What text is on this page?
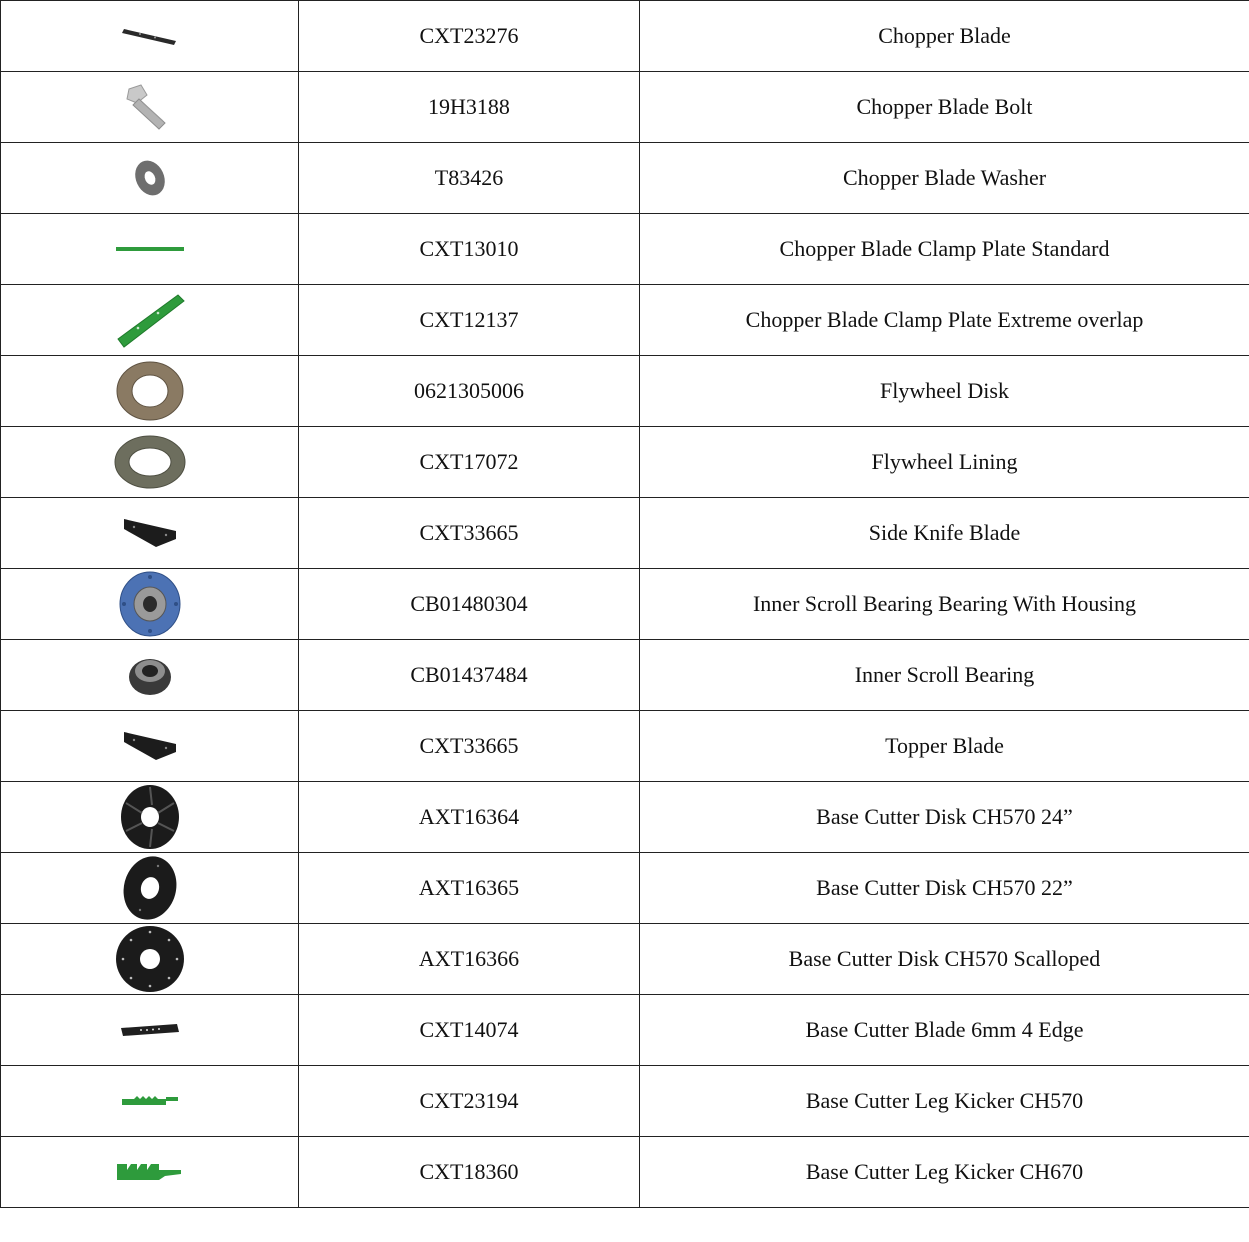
	CXT23276	Chopper Blade

	19H3188	Chopper Blade Bolt

	T83426	Chopper Blade Washer

	CXT13010	Chopper Blade Clamp Plate Standard

	CXT12137	Chopper Blade Clamp Plate Extreme overlap

	0621305006	Flywheel Disk

	CXT17072	Flywheel Lining

	CXT33665	Side Knife Blade

	CB01480304	Inner Scroll Bearing Bearing With Housing

	CB01437484	Inner Scroll Bearing

	CXT33665	Topper Blade

	AXT16364	Base Cutter Disk CH570 24”

	AXT16365	Base Cutter Disk CH570 22”

	AXT16366	Base Cutter Disk CH570 Scalloped

	CXT14074	Base Cutter Blade 6mm 4 Edge

	CXT23194	Base Cutter Leg Kicker CH570

	CXT18360	Base Cutter Leg Kicker CH670
